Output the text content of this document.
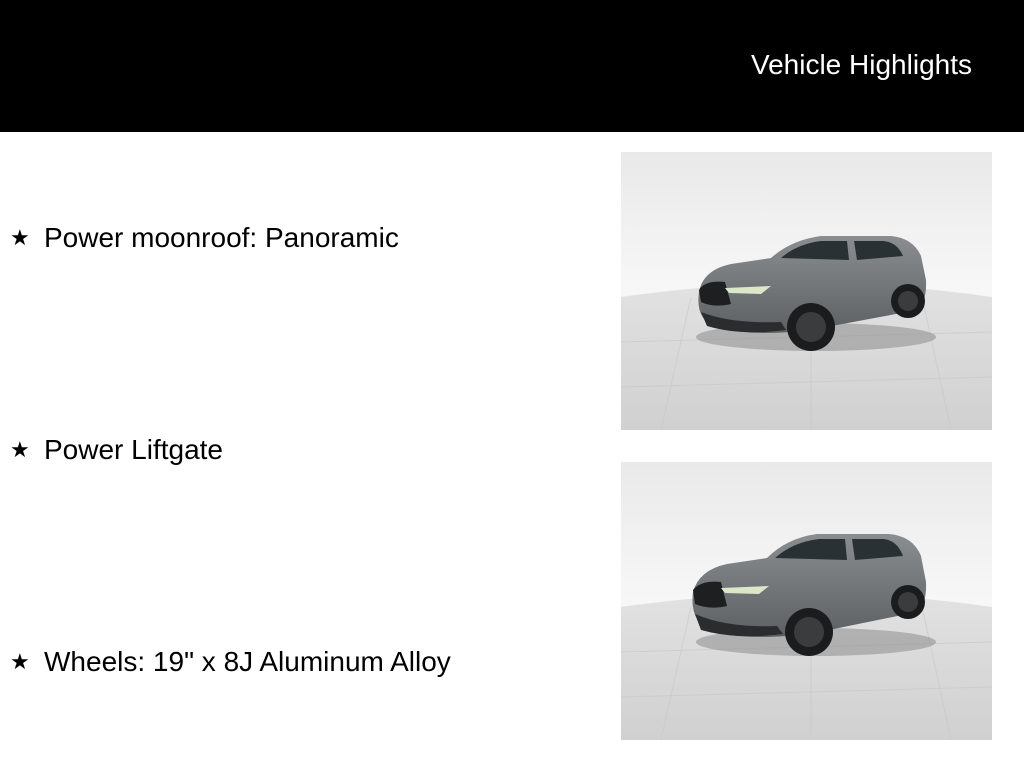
Vehicle Highlights
★ Power moonroof: Panoramic
★ Power Liftgate
★ Wheels: 19" x 8J Aluminum Alloy
